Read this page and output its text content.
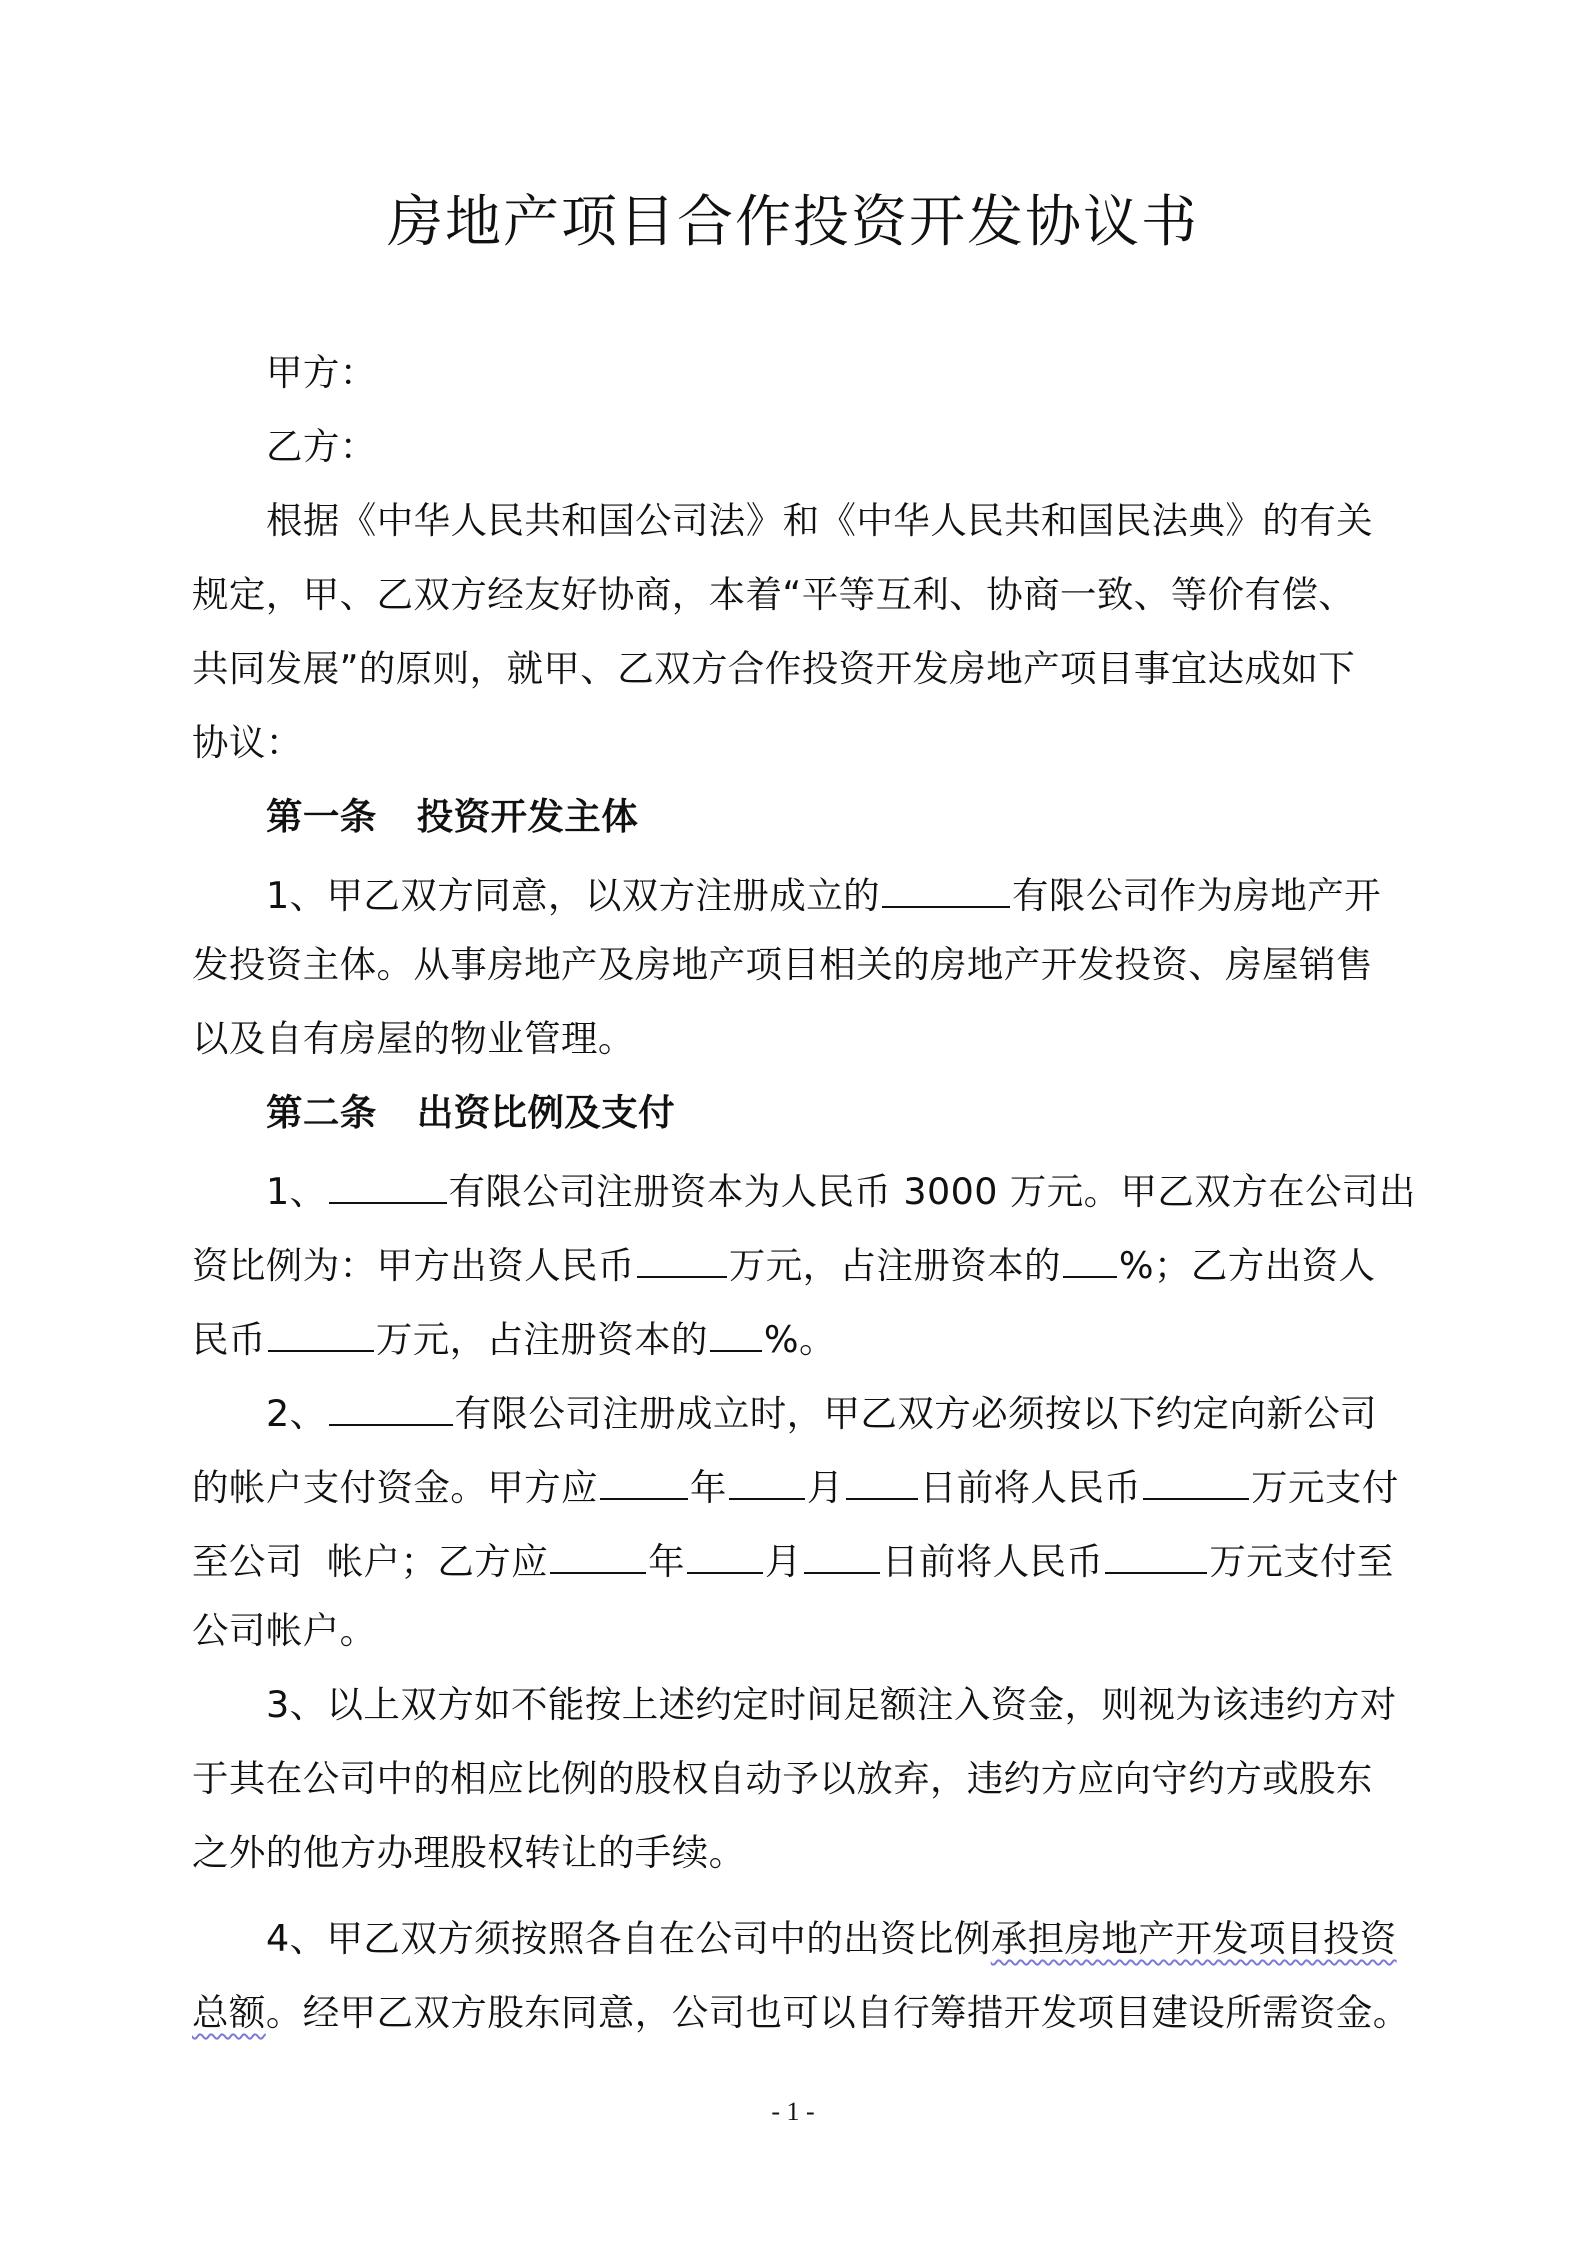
房地产项目合作投资开发协议书
甲方：
乙方：
根据《中华人民共和国公司法》和《中华人民共和国民法典》的有关
规定，甲、乙双方经友好协商，本着“平等互利、协商一致、等价有偿、
共同发展”的原则，就甲、乙双方合作投资开发房地产项目事宜达成如下
协议：
第一条 投资开发主体
1、甲乙双方同意，以双方注册成立的	有限公司作为房地产开
发投资主体。从事房地产及房地产项目相关的房地产开发投资、房屋销售
以及自有房屋的物业管理。
第二条 出资比例及支付
1、	有限公司注册资本为人民币 3000 万元。甲乙双方在公司出
资比例为：甲方出资人民币	万元，占注册资本的 %；乙方出资人
民币	万元，占注册资本的 %。
2、	有限公司注册成立时，甲乙双方必须按以下约定向新公司
的帐户支付资金。甲方应	年 月 日前将人民币	万元支付
至公司  帐户；乙方应	年 月 日前将人民币	万元支付至
公司帐户。
3、以上双方如不能按上述约定时间足额注入资金，则视为该违约方对
于其在公司中的相应比例的股权自动予以放弃，违约方应向守约方或股东
之外的他方办理股权转让的手续。
4、甲乙双方须按照各自在公司中的出资比例承担房地产开发项目投资
总额。经甲乙双方股东同意，公司也可以自行筹措开发项目建设所需资金。
- 1 -
